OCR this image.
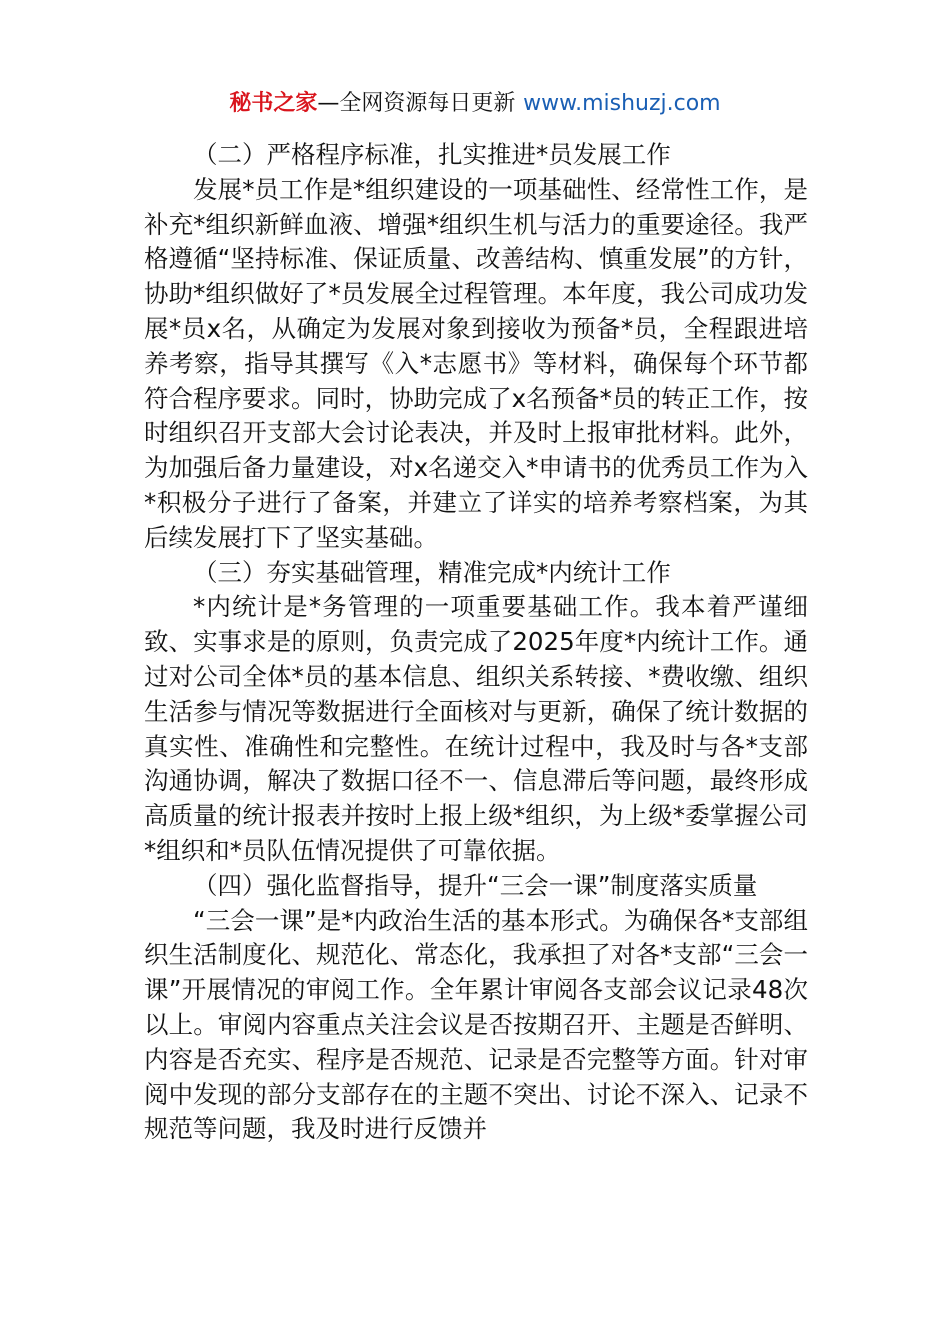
秘书之家—全网资源每日更新 www.mishuzj.com

（二）严格程序标准，扎实推进*员发展工作

发展*员工作是*组织建设的一项基础性、经常性工作，是补充*组织新鲜血液、增强*组织生机与活力的重要途径。我严格遵循“坚持标准、保证质量、改善结构、慎重发展”的方针，协助*组织做好了*员发展全过程管理。本年度，我公司成功发展*员x名，从确定为发展对象到接收为预备*员，全程跟进培养考察，指导其撰写《入*志愿书》等材料，确保每个环节都符合程序要求。同时，协助完成了x名预备*员的转正工作，按时组织召开支部大会讨论表决，并及时上报审批材料。此外，为加强后备力量建设，对x名递交入*申请书的优秀员工作为入*积极分子进行了备案，并建立了详实的培养考察档案，为其后续发展打下了坚实基础。

（三）夯实基础管理，精准完成*内统计工作

*内统计是*务管理的一项重要基础工作。我本着严谨细致、实事求是的原则，负责完成了2025年度*内统计工作。通过对公司全体*员的基本信息、组织关系转接、*费收缴、组织生活参与情况等数据进行全面核对与更新，确保了统计数据的真实性、准确性和完整性。在统计过程中，我及时与各*支部沟通协调，解决了数据口径不一、信息滞后等问题，最终形成高质量的统计报表并按时上报上级*组织，为上级*委掌握公司*组织和*员队伍情况提供了可靠依据。

（四）强化监督指导，提升“三会一课”制度落实质量

“三会一课”是*内政治生活的基本形式。为确保各*支部组织生活制度化、规范化、常态化，我承担了对各*支部“三会一课”开展情况的审阅工作。全年累计审阅各支部会议记录48次以上。审阅内容重点关注会议是否按期召开、主题是否鲜明、内容是否充实、程序是否规范、记录是否完整等方面。针对审阅中发现的部分支部存在的主题不突出、讨论不深入、记录不规范等问题，我及时进行反馈并
